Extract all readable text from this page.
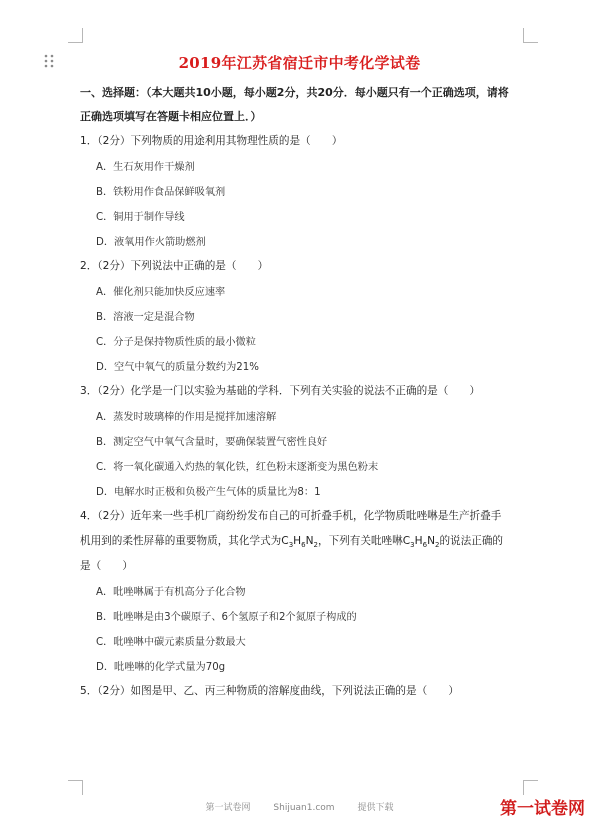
2019年江苏省宿迁市中考化学试卷
一、选择题：（本大题共10小题，每小题2分，共20分．每小题只有一个正确选项，请将
正确选项填写在答题卡相应位置上．）
1．（2分）下列物质的用途利用其物理性质的是（　　）
A．生石灰用作干燥剂
B．铁粉用作食品保鲜吸氧剂
C．铜用于制作导线
D．液氧用作火箭助燃剂
2．（2分）下列说法中正确的是（　　）
A．催化剂只能加快反应速率
B．溶液一定是混合物
C．分子是保持物质性质的最小微粒
D．空气中氧气的质量分数约为21%
3．（2分）化学是一门以实验为基础的学科．下列有关实验的说法不正确的是（　　）
A．蒸发时玻璃棒的作用是搅拌加速溶解
B．测定空气中氧气含量时，要确保装置气密性良好
C．将一氧化碳通入灼热的氧化铁，红色粉末逐渐变为黑色粉末
D．电解水时正极和负极产生气体的质量比为8：1
4．（2分）近年来一些手机厂商纷纷发布自己的可折叠手机，化学物质吡唑啉是生产折叠手
机用到的柔性屏幕的重要物质，其化学式为$C_3H_6N_2$，下列有关吡唑啉$C_3H_6N_2$的说法正确的
是（　　）
A．吡唑啉属于有机高分子化合物
B．吡唑啉是由3个碳原子、6个氢原子和2个氮原子构成的
C．吡唑啉中碳元素质量分数最大
D．吡唑啉的化学式量为70g
5．（2分）如图是甲、乙、丙三种物质的溶解度曲线，下列说法正确的是（　　）
第一试卷网	Shijuan1.com	提供下载	第一试卷网
